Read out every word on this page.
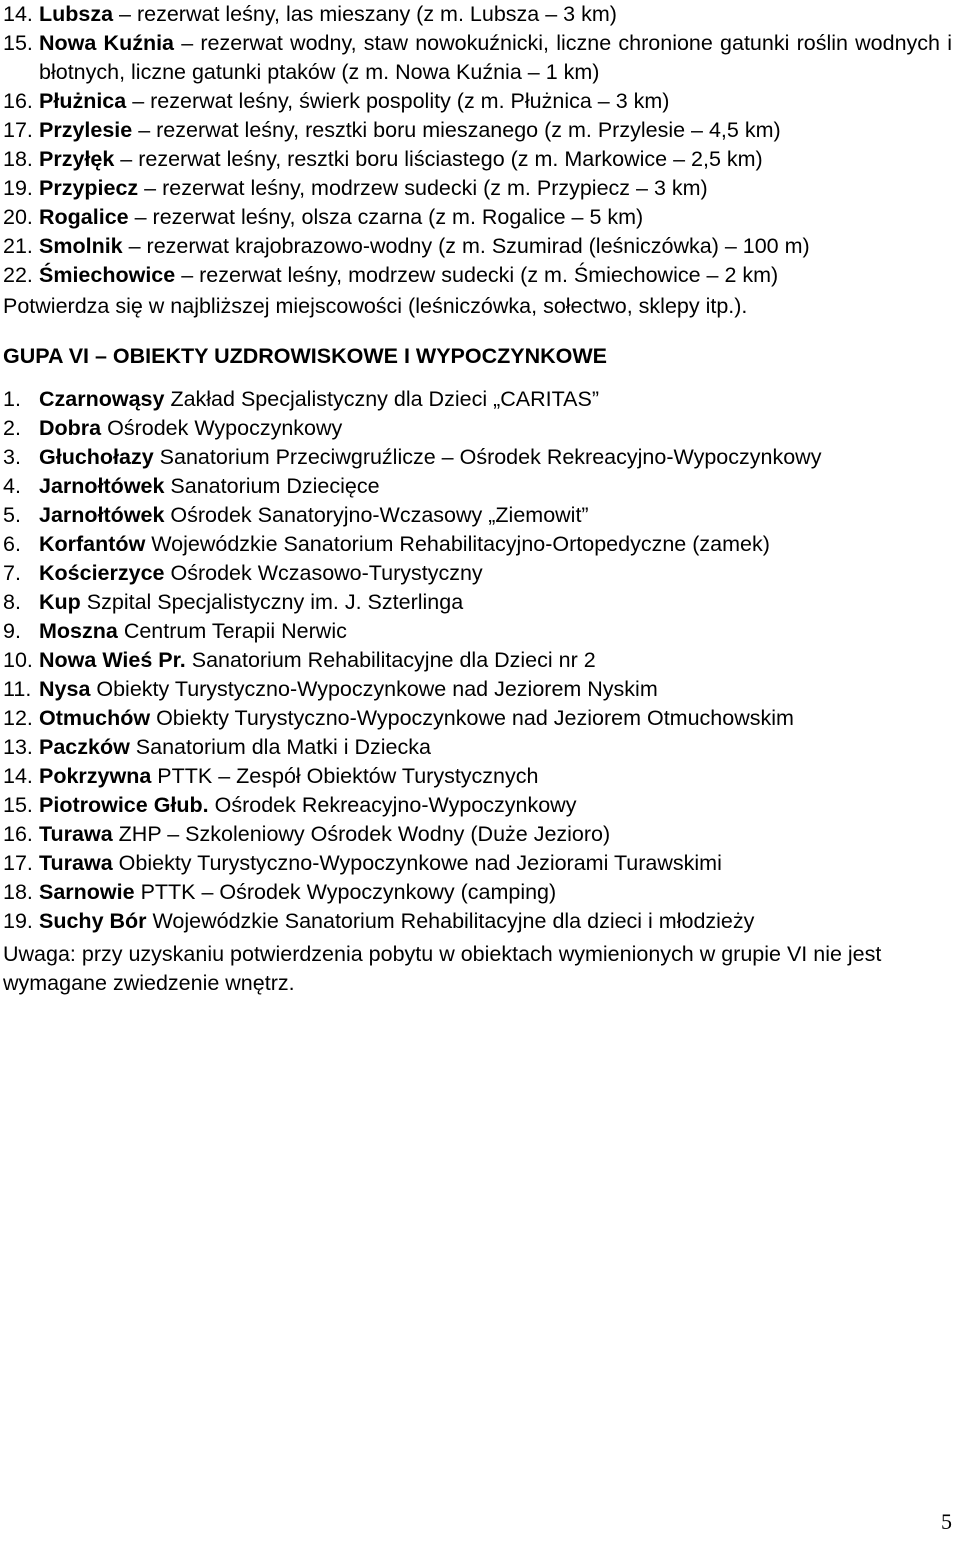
14. Lubsza – rezerwat leśny, las mieszany (z m. Lubsza – 3 km)
15. Nowa Kuźnia – rezerwat wodny, staw nowokuźnicki, liczne chronione gatunki roślin wodnych i błotnych, liczne gatunki ptaków (z m. Nowa Kuźnia – 1 km)
16. Płużnica – rezerwat leśny, świerk pospolity (z m. Płużnica – 3 km)
17. Przylesie – rezerwat leśny, resztki boru mieszanego (z m. Przylesie – 4,5 km)
18. Przyłęk – rezerwat leśny, resztki boru liściastego (z m. Markowice – 2,5 km)
19. Przypiecz – rezerwat leśny, modrzew sudecki (z m. Przypiecz – 3 km)
20. Rogalice – rezerwat leśny, olsza czarna (z m. Rogalice – 5 km)
21. Smolnik – rezerwat krajobrazowo-wodny (z m. Szumirad (leśniczówka) – 100 m)
22. Śmiechowice – rezerwat leśny, modrzew sudecki (z m. Śmiechowice – 2 km)
Potwierdza się w najbliższej miejscowości (leśniczówka, sołectwo, sklepy itp.).
GUPA VI – OBIEKTY UZDROWISKOWE I WYPOCZYNKOWE
1. Czarnowąsy Zakład Specjalistyczny dla Dzieci „CARITAS”
2. Dobra Ośrodek Wypoczynkowy
3. Głuchołazy Sanatorium Przeciwgruźlicze – Ośrodek Rekreacyjno-Wypoczynkowy
4. Jarnołtówek Sanatorium Dziecięce
5. Jarnołtówek Ośrodek Sanatoryjno-Wczasowy „Ziemowit”
6. Korfantów Wojewódzkie Sanatorium Rehabilitacyjno-Ortopedyczne (zamek)
7. Kościerzyce Ośrodek Wczasowo-Turystyczny
8. Kup Szpital Specjalistyczny im. J. Szterlinga
9. Moszna Centrum Terapii Nerwic
10. Nowa Wieś Pr. Sanatorium Rehabilitacyjne dla Dzieci nr 2
11. Nysa Obiekty Turystyczno-Wypoczynkowe nad Jeziorem Nyskim
12. Otmuchów Obiekty Turystyczno-Wypoczynkowe nad Jeziorem Otmuchowskim
13. Paczków Sanatorium dla Matki i Dziecka
14. Pokrzywna PTTK – Zespół Obiektów Turystycznych
15. Piotrowice Głub. Ośrodek Rekreacyjno-Wypoczynkowy
16. Turawa ZHP – Szkoleniowy Ośrodek Wodny (Duże Jezioro)
17. Turawa Obiekty Turystyczno-Wypoczynkowe nad Jeziorami Turawskimi
18. Sarnowie PTTK – Ośrodek Wypoczynkowy (camping)
19. Suchy Bór Wojewódzkie Sanatorium Rehabilitacyjne dla dzieci i młodzieży
Uwaga: przy uzyskaniu potwierdzenia pobytu w obiektach wymienionych w grupie VI nie jest wymagane zwiedzenie wnętrz.
5
